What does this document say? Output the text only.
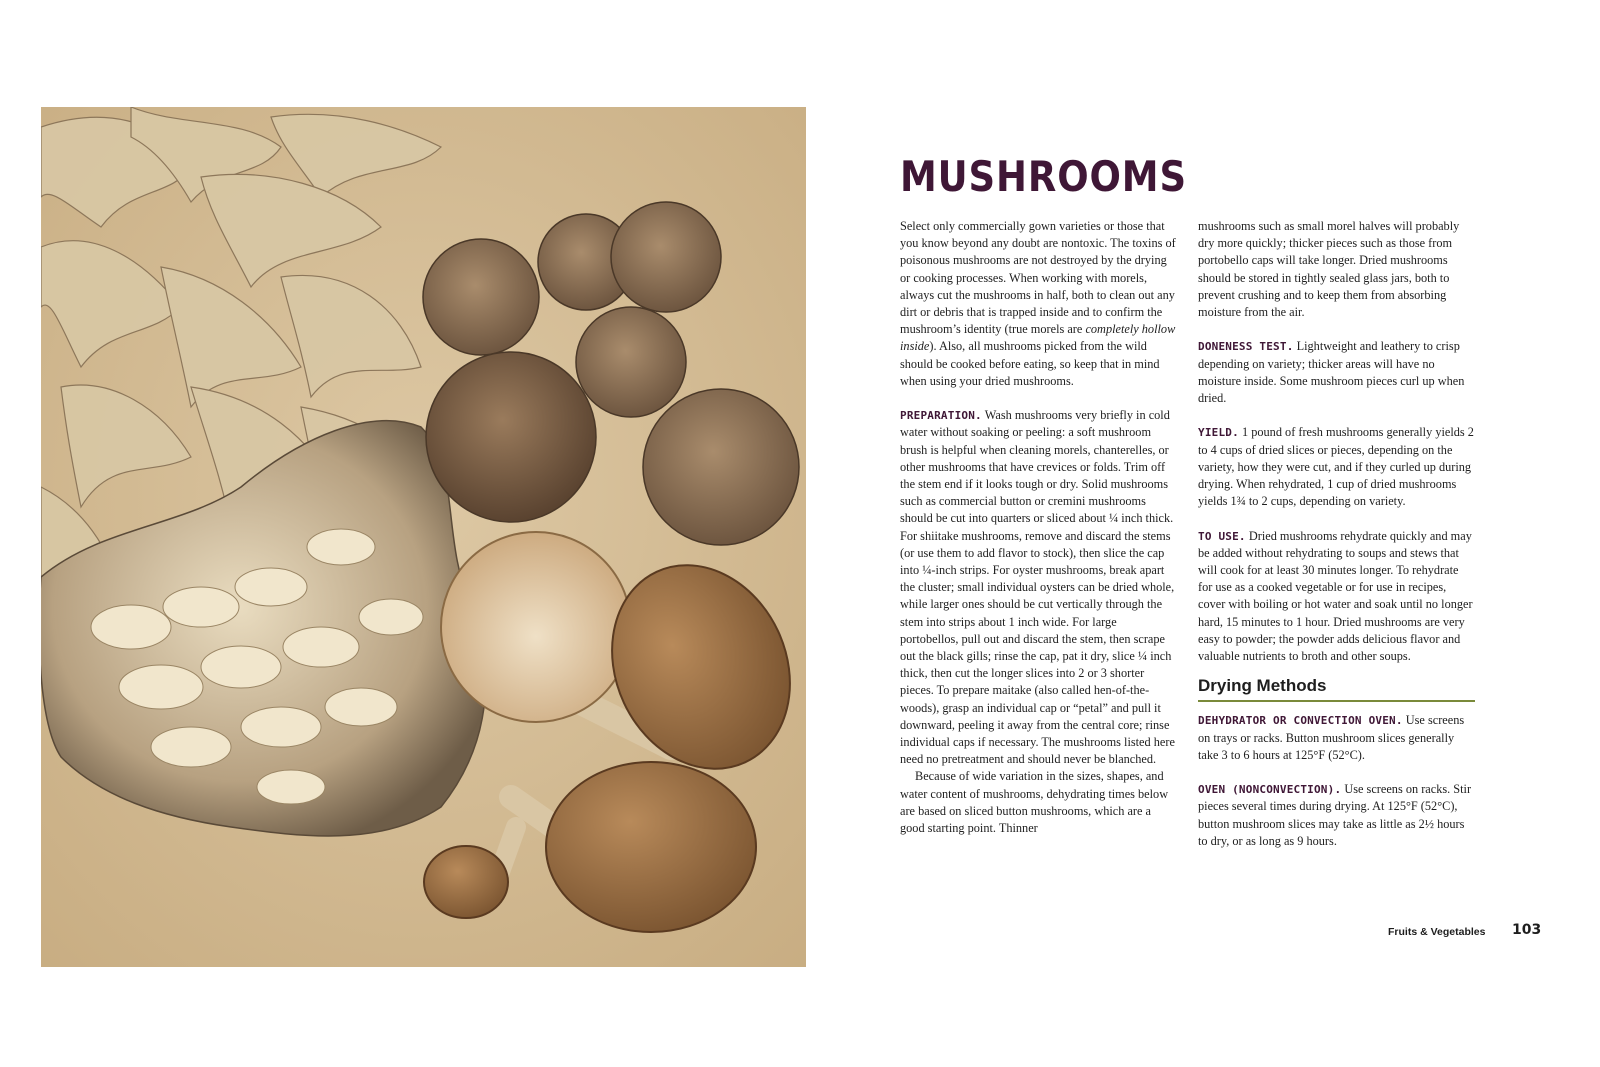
MUSHROOMS

Select only commercially gown varieties or those that you know beyond any doubt are nontoxic. The toxins of poisonous mushrooms are not destroyed by the drying or cooking processes. When working with morels, always cut the mushrooms in half, both to clean out any dirt or debris that is trapped inside and to confirm the mushroom’s identity (true morels are completely hollow inside). Also, all mushrooms picked from the wild should be cooked before eating, so keep that in mind when using your dried mushrooms.

PREPARATION. Wash mushrooms very briefly in cold water without soaking or peeling: a soft mushroom brush is helpful when cleaning morels, chanterelles, or other mushrooms that have crevices or folds. Trim off the stem end if it looks tough or dry. Solid mushrooms such as commercial button or cremini mushrooms should be cut into quarters or sliced about ¼ inch thick. For shiitake mushrooms, remove and discard the stems (or use them to add flavor to stock), then slice the cap into ¼-inch strips. For oyster mushrooms, break apart the cluster; small individual oysters can be dried whole, while larger ones should be cut vertically through the stem into strips about 1 inch wide. For large portobellos, pull out and discard the stem, then scrape out the black gills; rinse the cap, pat it dry, slice ¼ inch thick, then cut the longer slices into 2 or 3 shorter pieces. To prepare maitake (also called hen-of-the-woods), grasp an individual cap or “petal” and pull it downward, peeling it away from the central core; rinse individual caps if necessary. The mushrooms listed here need no pretreatment and should never be blanched.

Because of wide variation in the sizes, shapes, and water content of mushrooms, dehydrating times below are based on sliced button mushrooms, which are a good starting point. Thinner

mushrooms such as small morel halves will probably dry more quickly; thicker pieces such as those from portobello caps will take longer. Dried mushrooms should be stored in tightly sealed glass jars, both to prevent crushing and to keep them from absorbing moisture from the air.

DONENESS TEST. Lightweight and leathery to crisp depending on variety; thicker areas will have no moisture inside. Some mushroom pieces curl up when dried.

YIELD. 1 pound of fresh mushrooms generally yields 2 to 4 cups of dried slices or pieces, depending on the variety, how they were cut, and if they curled up during drying. When rehydrated, 1 cup of dried mushrooms yields 1¾ to 2 cups, depending on variety.

TO USE. Dried mushrooms rehydrate quickly and may be added without rehydrating to soups and stews that will cook for at least 30 minutes longer. To rehydrate for use as a cooked vegetable or for use in recipes, cover with boiling or hot water and soak until no longer hard, 15 minutes to 1 hour. Dried mushrooms are very easy to powder; the powder adds delicious flavor and valuable nutrients to broth and other soups.

Drying Methods

DEHYDRATOR OR CONVECTION OVEN. Use screens on trays or racks. Button mushroom slices generally take 3 to 6 hours at 125°F (52°C).

OVEN (NONCONVECTION). Use screens on racks. Stir pieces several times during drying. At 125°F (52°C), button mushroom slices may take as little as 2½ hours to dry, or as long as 9 hours.

Fruits & Vegetables 103
